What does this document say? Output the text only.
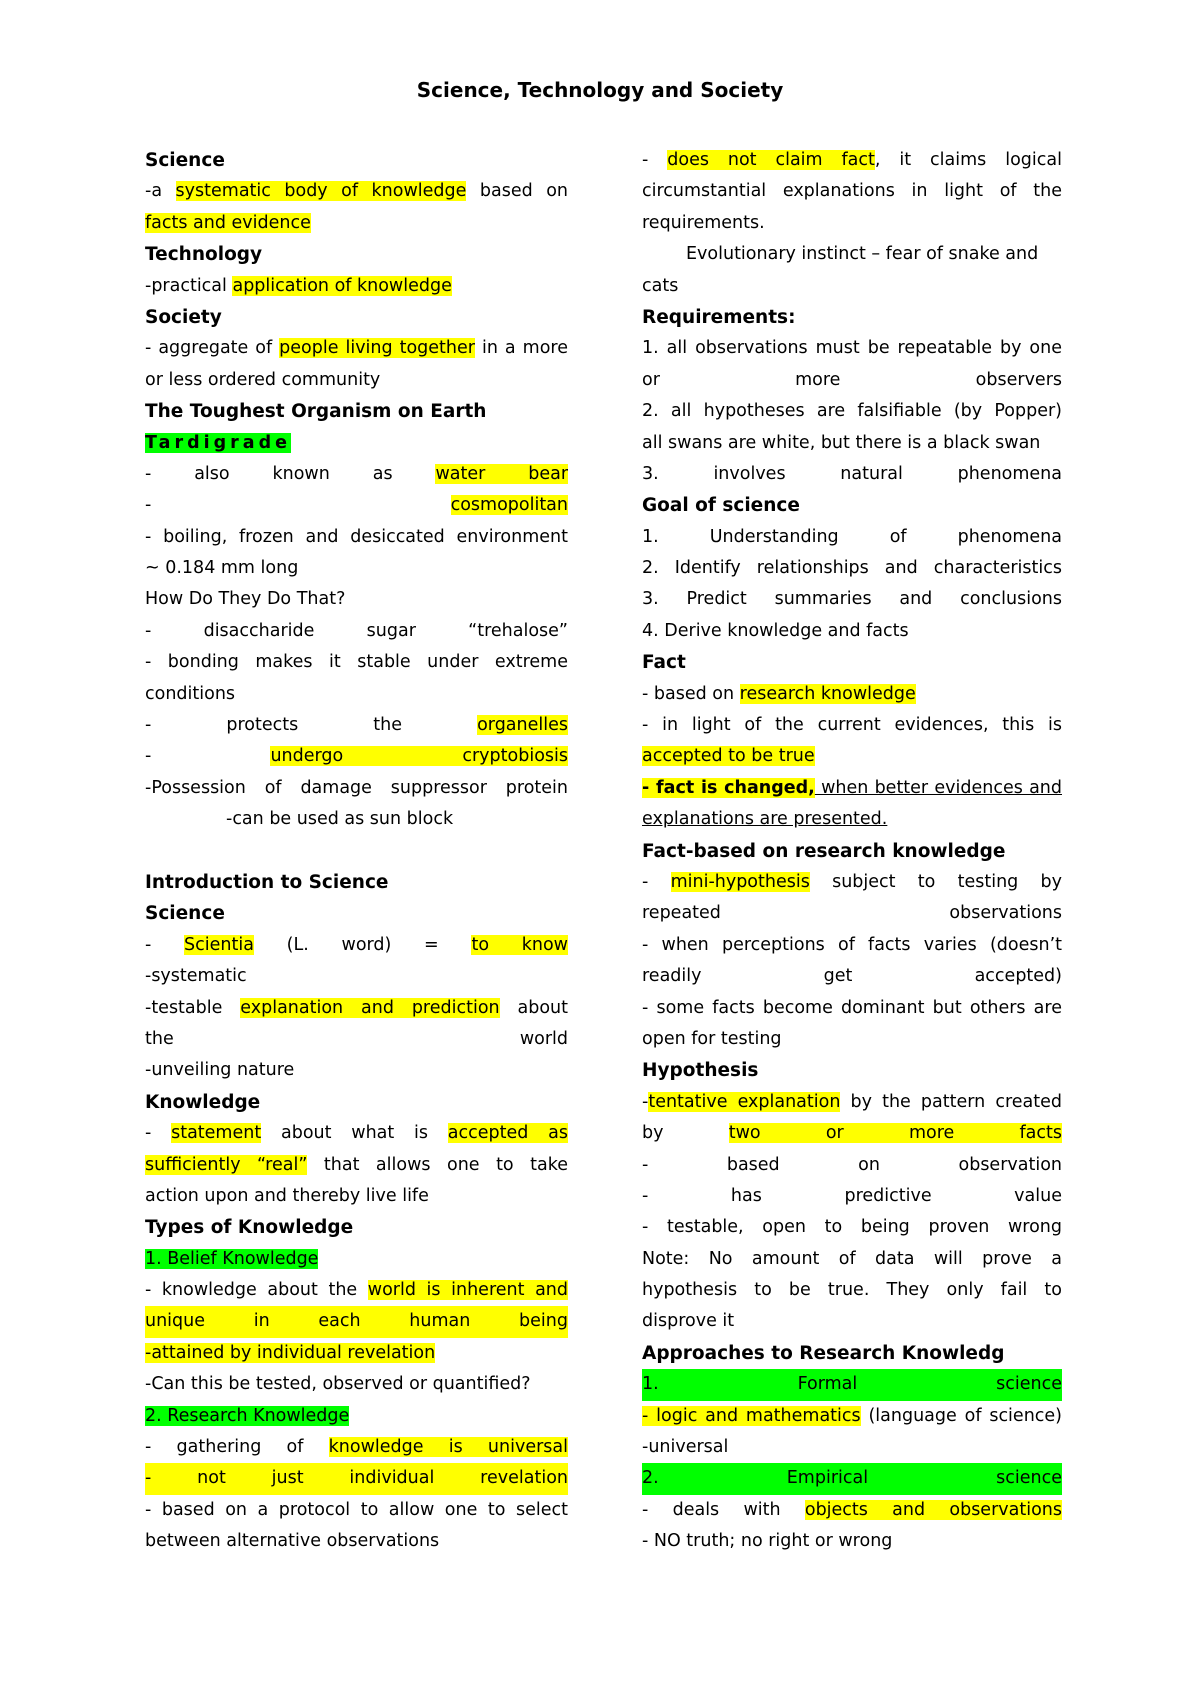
Science, Technology and Society
Science
-a systematic body of knowledge based on
facts and evidence
Technology
-practical application of knowledge
Society
- aggregate of people living together in a more
or less ordered community
The Toughest Organism on Earth
Tardigrade
- also known as water bear
- cosmopolitan
- boiling, frozen and desiccated environment
~ 0.184 mm long
How Do They Do That?
- disaccharide sugar “trehalose”
- bonding makes it stable under extreme
conditions
- protects the organelles
- undergo cryptobiosis
-Possession of damage suppressor protein
-can be used as sun block
Introduction to Science
Science
- Scientia (L. word) = to know
-systematic
-testable explanation and prediction about
the world
-unveiling nature
Knowledge
- statement about what is accepted as
sufficiently “real” that allows one to take
action upon and thereby live life
Types of Knowledge
1. Belief Knowledge
- knowledge about the world is inherent and
unique in each human being
-attained by individual revelation
-Can this be tested, observed or quantified?
2. Research Knowledge
- gathering of knowledge is universal
- not just individual revelation
- based on a protocol to allow one to select
between alternative observations
- does not claim fact, it claims logical
circumstantial explanations in light of the
requirements.
Evolutionary instinct – fear of snake and
cats
Requirements:
1. all observations must be repeatable by one
or more observers
2. all hypotheses are falsifiable (by Popper)
all swans are white, but there is a black swan
3. involves natural phenomena
Goal of science
1. Understanding of phenomena
2. Identify relationships and characteristics
3. Predict summaries and conclusions
4. Derive knowledge and facts
Fact
- based on research knowledge
- in light of the current evidences, this is
accepted to be true
- fact is changed, when better evidences and
explanations are presented.
Fact-based on research knowledge
- mini-hypothesis subject to testing by
repeated observations
- when perceptions of facts varies (doesn’t
readily get accepted)
- some facts become dominant but others are
open for testing
Hypothesis
-tentative explanation by the pattern created
by two or more facts
- based on observation
- has predictive value
- testable, open to being proven wrong
Note: No amount of data will prove a
hypothesis to be true. They only fail to
disprove it
Approaches to Research Knowledg
1. Formal science
- logic and mathematics (language of science)
-universal
2. Empirical science
- deals with objects and observations
- NO truth; no right or wrong
